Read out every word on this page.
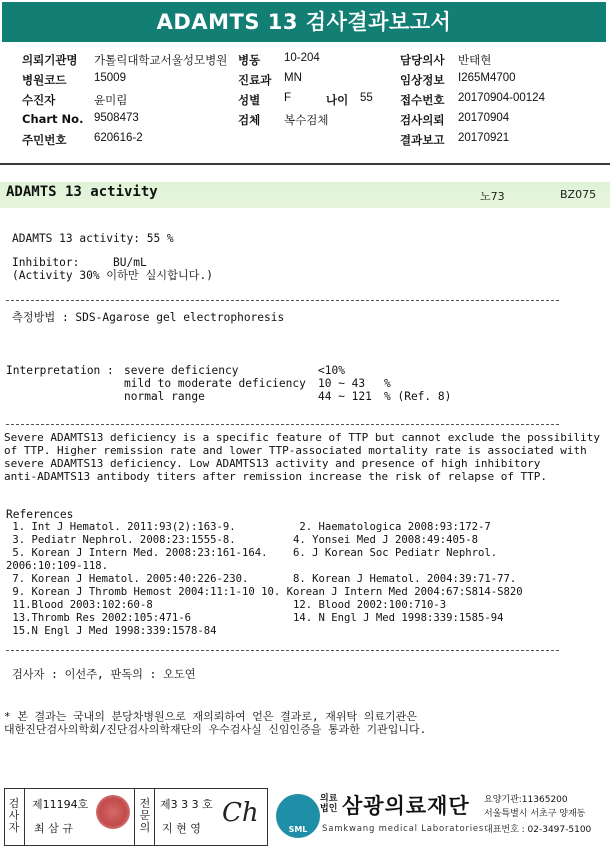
ADAMTS 13 검사결과보고서
의뢰기관명 가톨릭대학교서울성모병원 병동 10-204	담당의사 반태현
병원코드 15009	진료과 MN	임상정보 I265M4700
수진자	윤미림	성별 F	나이 55 접수번호 20170904-00124
Chart No. 9508473	검체 복수검체	검사의뢰 20170904
주민번호 620616-2	결과보고 20170921
ADAMTS 13 activity	노73	BZ075
ADAMTS 13 activity: 55 %
Inhibitor:     BU/mL
(Activity 30% 이하만 실시합니다.)
측정방법 : SDS-Agarose gel electrophoresis
Interpretation : severe deficiency	<10%
mild to moderate deficiency 10 ~ 43 %
normal range	44 ~ 121 % (Ref. 8)
Severe ADAMTS13 deficiency is a specific feature of TTP but cannot exclude the possibility
of TTP. Higher remission rate and lower TTP-associated mortality rate is associated with
severe ADAMTS13 deficiency. Low ADAMTS13 activity and presence of high inhibitory
anti-ADAMTS13 antibody titers after remission increase the risk of relapse of TTP.
References
1. Int J Hematol. 2011:93(2):163-9.          2. Haematologica 2008:93:172-7
3. Pediatr Nephrol. 2008:23:1555-8.         4. Yonsei Med J 2008:49:405-8
5. Korean J Intern Med. 2008:23:161-164.    6. J Korean Soc Pediatr Nephrol.
2006:10:109-118.
7. Korean J Hematol. 2005:40:226-230.       8. Korean J Hematol. 2004:39:71-77.
9. Korean J Thromb Hemost 2004:11:1-10 10. Korean J Intern Med 2004:67:S814-S820
11.Blood 2003:102:60-8                      12. Blood 2002:100:710-3
13.Thromb Res 2002:105:471-6                14. N Engl J Med 1998:339:1585-94
15.N Engl J Med 1998:339:1578-84
검사자 : 이선주, 판독의 : 오도연
* 본 결과는 국내의 분당차병원으로 재의뢰하여 얻은 결과로, 재위탁 의료기관은
대한진단검사의학회/진단검사의학재단의 우수검사실 신임인증을 통과한 기관입니다.
검사자
제11194호
최 삼 규
전문의
제3 3 3 호
지 현 영
Ch
SML
의료법인 삼광의료재단
Samkwang medical Laboratories
요양기관:11365200
서울특별시 서초구 양재동
대표번호 : 02-3497-5100
